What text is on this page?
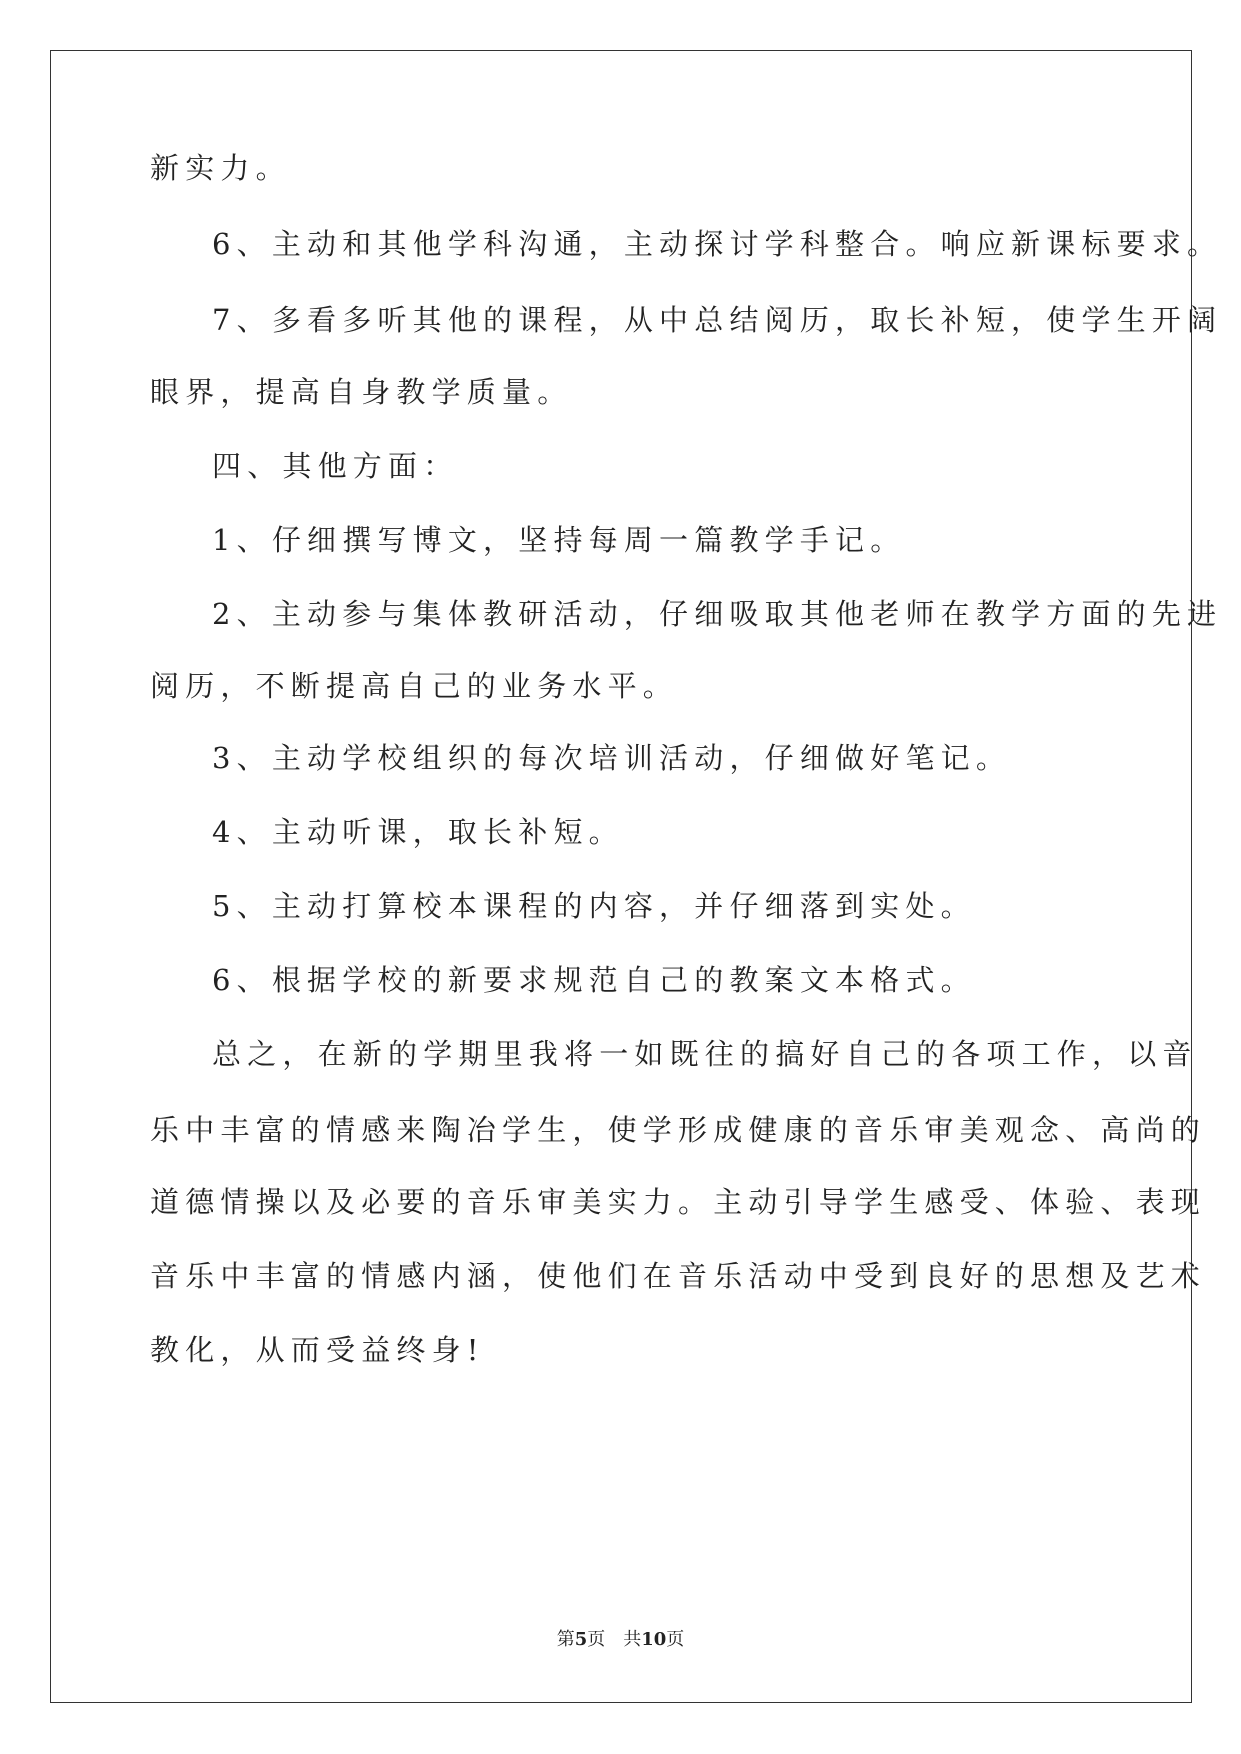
新实力。
6、主动和其他学科沟通，主动探讨学科整合。响应新课标要求。
7、多看多听其他的课程，从中总结阅历，取长补短，使学生开阔
眼界，提高自身教学质量。
四、其他方面：
1、仔细撰写博文，坚持每周一篇教学手记。
2、主动参与集体教研活动，仔细吸取其他老师在教学方面的先进
阅历，不断提高自己的业务水平。
3、主动学校组织的每次培训活动，仔细做好笔记。
4、主动听课，取长补短。
5、主动打算校本课程的内容，并仔细落到实处。
6、根据学校的新要求规范自己的教案文本格式。
总之，在新的学期里我将一如既往的搞好自己的各项工作，以音
乐中丰富的情感来陶冶学生，使学形成健康的音乐审美观念、高尚的
道德情操以及必要的音乐审美实力。主动引导学生感受、体验、表现
音乐中丰富的情感内涵，使他们在音乐活动中受到良好的思想及艺术
教化，从而受益终身!
第5页 共10页
